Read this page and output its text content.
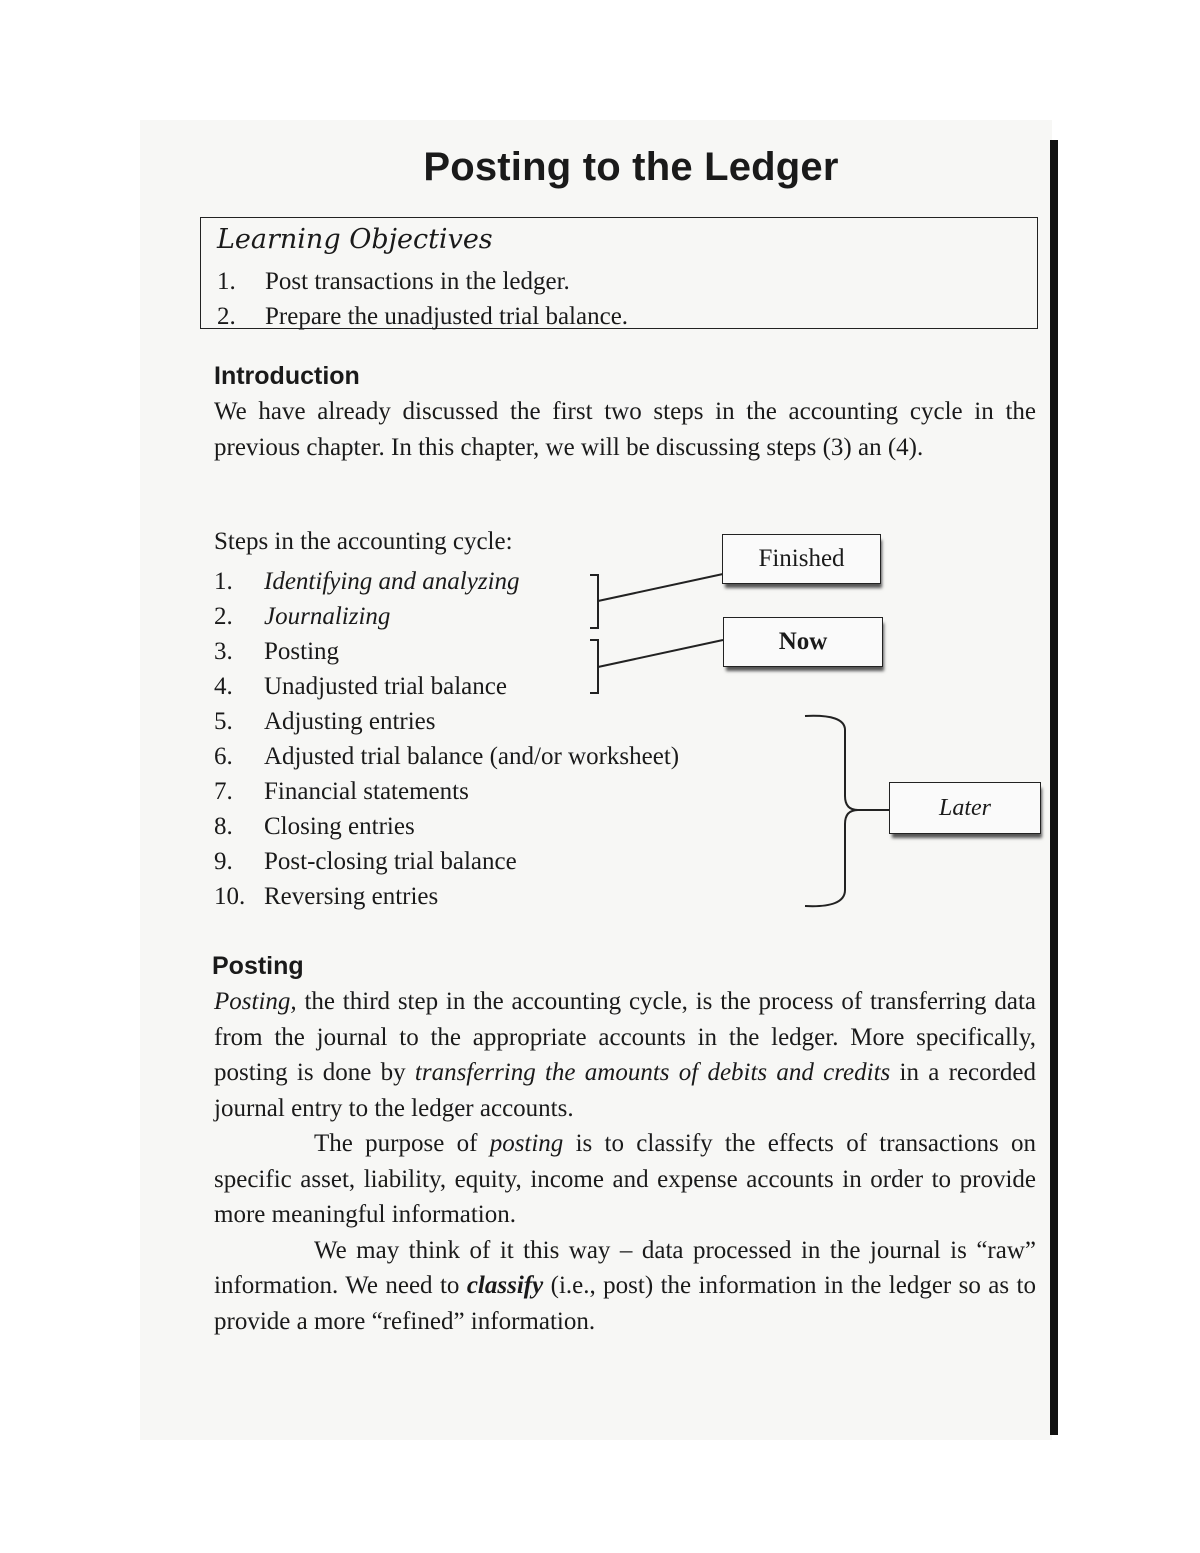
Posting to the Ledger
Learning Objectives
1. Post transactions in the ledger.
2. Prepare the unadjusted trial balance.
Introduction

We have already discussed the first two steps in the accounting cycle in the previous chapter. In this chapter, we will be discussing steps (3) an (4).

Steps in the accounting cycle:
1. Identifying and analyzing
2. Journalizing
3. Posting
4. Unadjusted trial balance
5. Adjusting entries
6. Adjusted trial balance (and/or worksheet)
7. Financial statements
8. Closing entries
9. Post-closing trial balance
10. Reversing entries
Finished
Now
Later
Posting

Posting, the third step in the accounting cycle, is the process of transferring data from the journal to the appropriate accounts in the ledger. More specifically, posting is done by transferring the amounts of debits and credits in a recorded journal entry to the ledger accounts.

The purpose of posting is to classify the effects of transactions on specific asset, liability, equity, income and expense accounts in order to provide more meaningful information.

We may think of it this way – data processed in the journal is “raw” information. We need to classify (i.e., post) the information in the ledger so as to provide a more “refined” information.
